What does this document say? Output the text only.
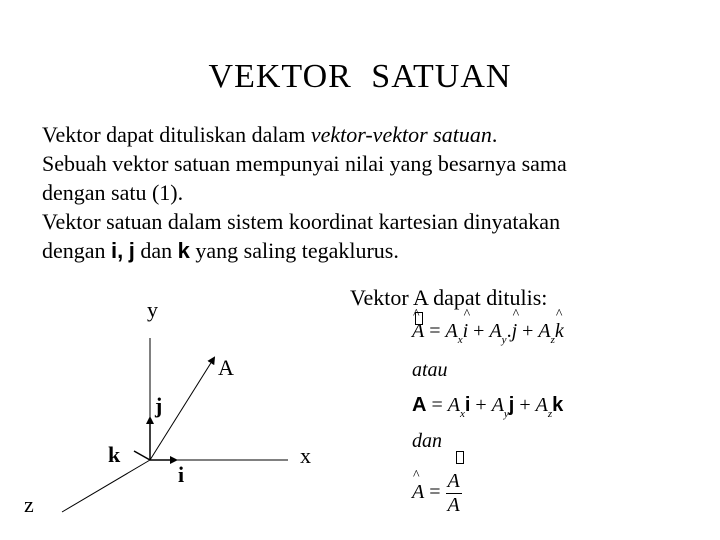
VEKTOR SATUAN

Vektor dapat dituliskan dalam vektor-vektor satuan.

Sebuah vektor satuan mempunyai nilai yang besarnya sama

dengan satu (1).

Vektor satuan dalam sistem koordinat kartesian dinyatakan

dengan i, j dan k yang saling tegaklurus.

y
x
z
A
j
k
i
Vektor A dapat ditulis:
^ $A = A_x\^{}$ $i + A_y.\^{}$ $j + A_z\^{}$ k
atau
$A = A_xi + A_yj + A_zk$
dan
^ $A = \frac{A}{A}$
